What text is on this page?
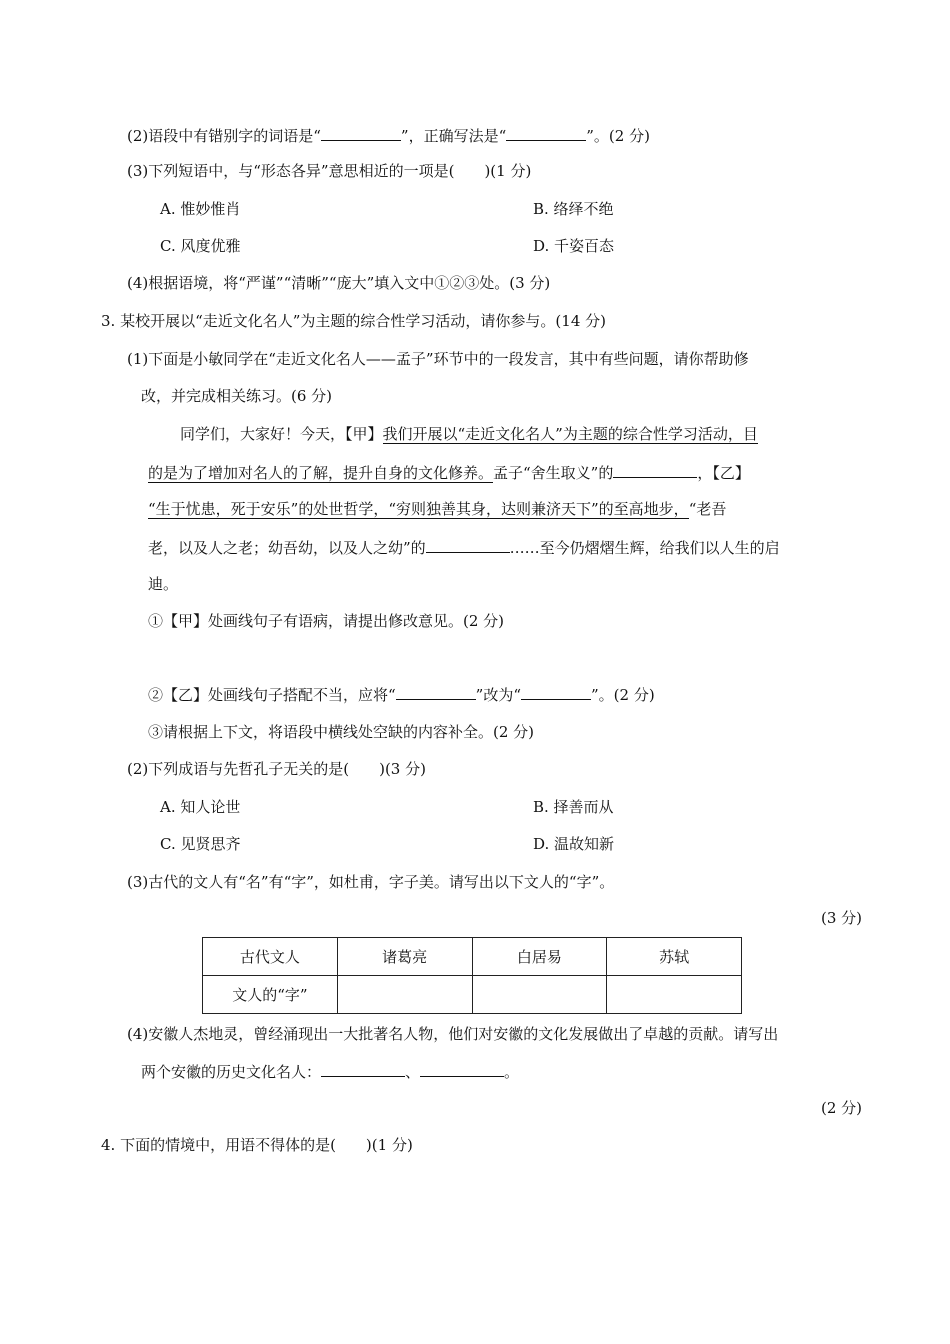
(2)语段中有错别字的词语是“	”，正确写法是“	”。(2 分)
(3)下列短语中，与“形态各异”意思相近的一项是(　　)(1 分)
A. 惟妙惟肖	B. 络绎不绝
C. 风度优雅	D. 千姿百态
(4)根据语境，将“严谨”“清晰”“庞大”填入文中①②③处。(3 分)
3. 某校开展以“走近文化名人”为主题的综合性学习活动，请你参与。(14 分)
(1)下面是小敏同学在“走近文化名人——孟子”环节中的一段发言，其中有些问题，请你帮助修
改，并完成相关练习。(6 分)
同学们，大家好！今天，【甲】我们开展以“走近文化名人”为主题的综合性学习活动，目
的是为了增加对名人的了解，提升自身的文化修养。孟子“舍生取义”的	，【乙】
“生于忧患，死于安乐”的处世哲学，“穷则独善其身，达则兼济天下”的至高地步，“老吾
老，以及人之老；幼吾幼，以及人之幼”的	……至今仍熠熠生辉，给我们以人生的启
迪。
①【甲】处画线句子有语病，请提出修改意见。(2 分)
②【乙】处画线句子搭配不当，应将“	”改为“	”。(2 分)
③请根据上下文，将语段中横线处空缺的内容补全。(2 分)
(2)下列成语与先哲孔子无关的是(　　)(3 分)
A. 知人论世	B. 择善而从
C. 见贤思齐	D. 温故知新
(3)古代的文人有“名”有“字”，如杜甫，字子美。请写出以下文人的“字”。
(3 分)
古代文人	诸葛亮	白居易	苏轼
文人的“字”			
(4)安徽人杰地灵，曾经涌现出一大批著名人物，他们对安徽的文化发展做出了卓越的贡献。请写出
两个安徽的历史文化名人：	、	。
(2 分)
4. 下面的情境中，用语不得体的是(　　)(1 分)
